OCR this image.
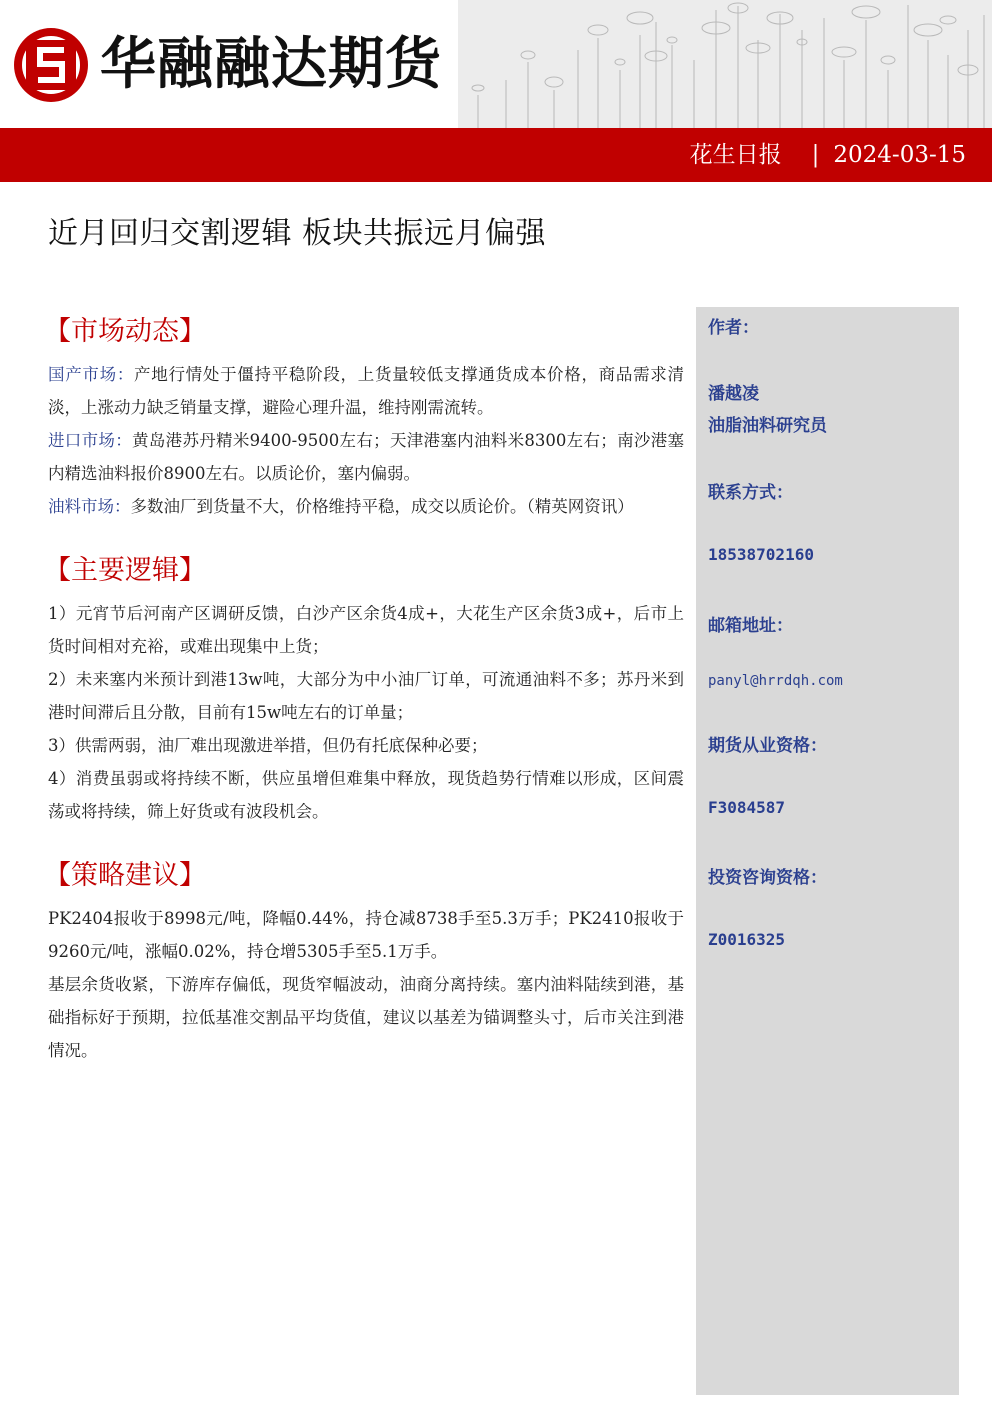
华融融达期货
花生日报 | 2024-03-15
近月回归交割逻辑 板块共振远月偏强
【市场动态】

国产市场：产地行情处于僵持平稳阶段，上货量较低支撑通货成本价格，商品需求清淡，上涨动力缺乏销量支撑，避险心理升温，维持刚需流转。

进口市场：黄岛港苏丹精米9400-9500左右；天津港塞内油料米8300左右；南沙港塞内精选油料报价8900左右。以质论价，塞内偏弱。

油料市场：多数油厂到货量不大，价格维持平稳，成交以质论价。（精英网资讯）

【主要逻辑】

1）元宵节后河南产区调研反馈，白沙产区余货4成+，大花生产区余货3成+，后市上货时间相对充裕，或难出现集中上货；

2）未来塞内米预计到港13w吨，大部分为中小油厂订单，可流通油料不多；苏丹米到港时间滞后且分散，目前有15w吨左右的订单量；

3）供需两弱，油厂难出现激进举措，但仍有托底保种必要；

4）消费虽弱或将持续不断，供应虽增但难集中释放，现货趋势行情难以形成，区间震荡或将持续，筛上好货或有波段机会。

【策略建议】

PK2404报收于8998元/吨，降幅0.44%，持仓减8738手至5.3万手；PK2410报收于9260元/吨，涨幅0.02%，持仓增5305手至5.1万手。

基层余货收紧，下游库存偏低，现货窄幅波动，油商分离持续。塞内油料陆续到港，基础指标好于预期，拉低基准交割品平均货值，建议以基差为锚调整头寸，后市关注到港情况。

作者：
潘越凌
油脂油料研究员
联系方式：
18538702160
邮箱地址：
panyl@hrrdqh.com
期货从业资格：
F3084587
投资咨询资格：
Z0016325
